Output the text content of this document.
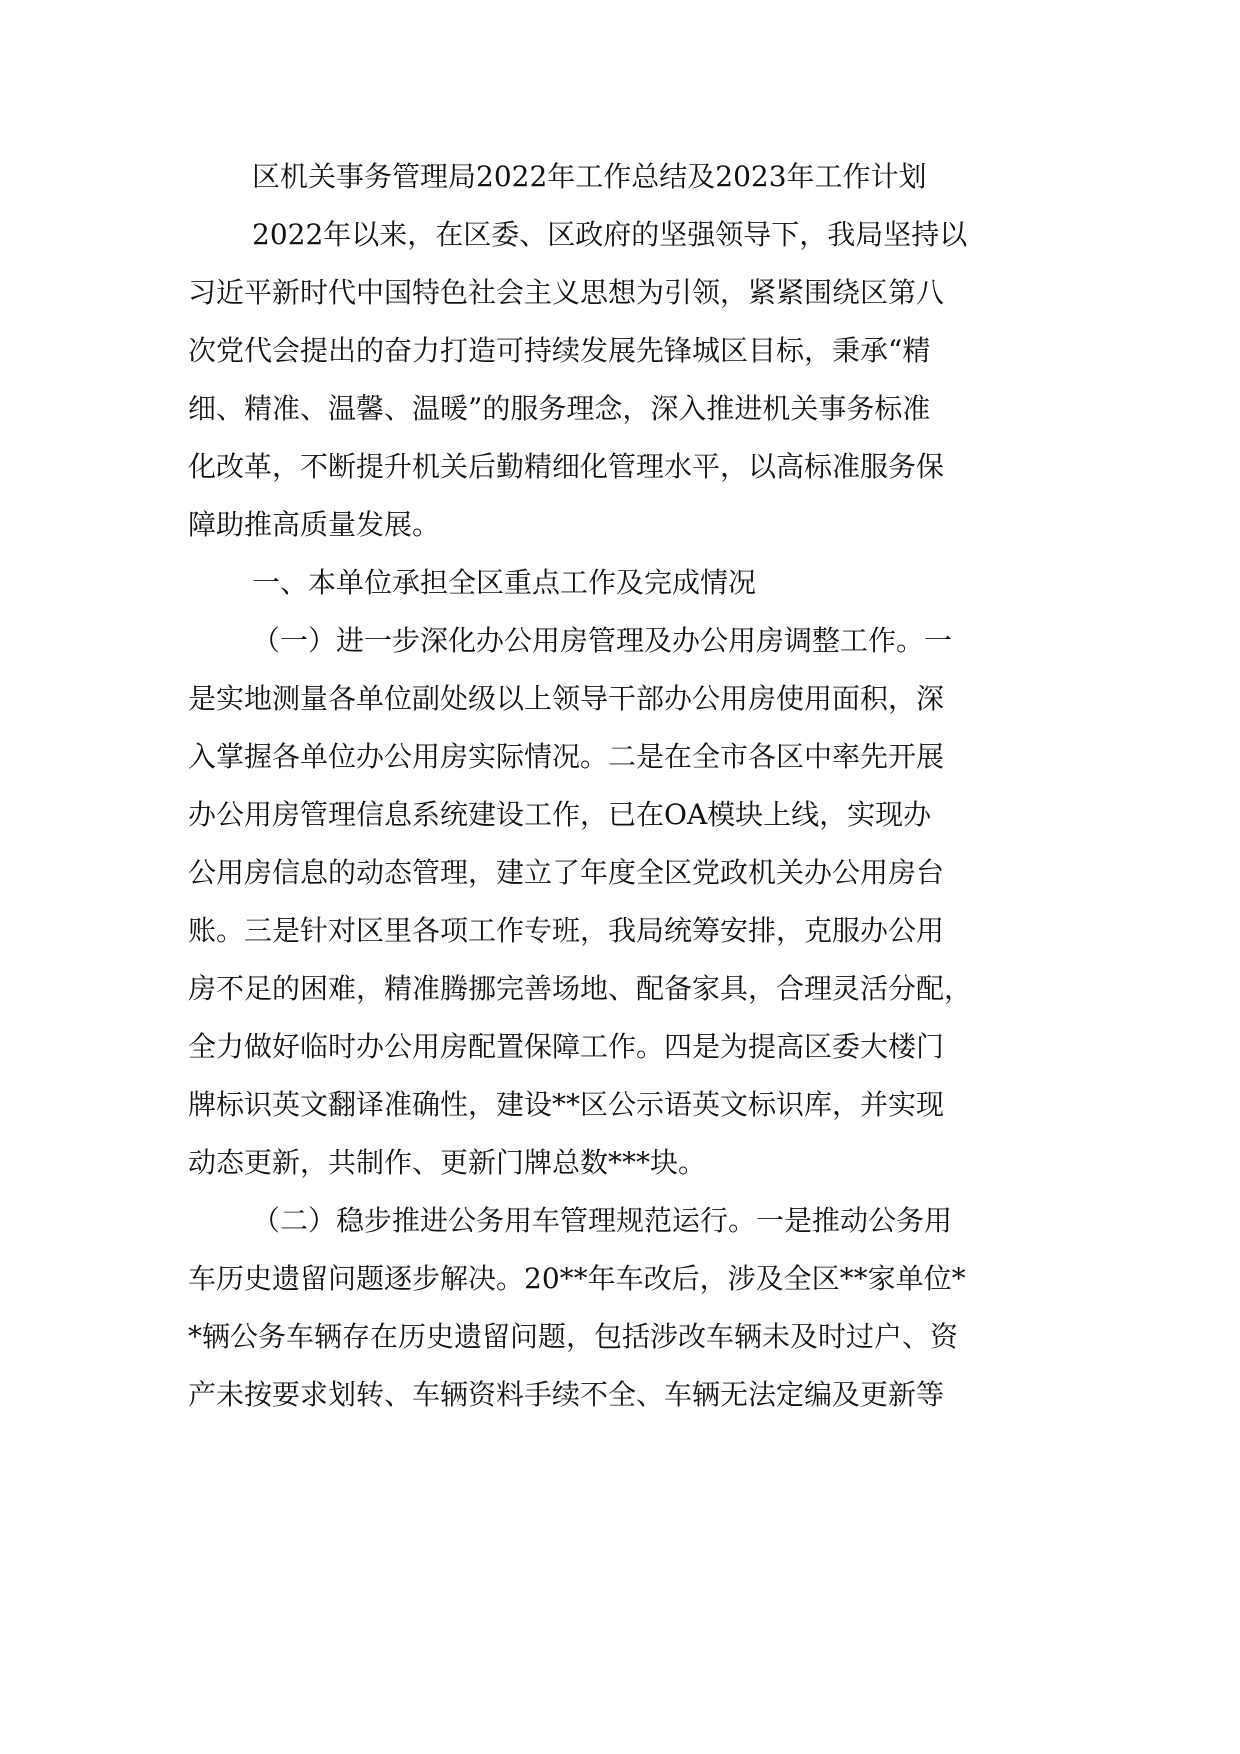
区机关事务管理局2022年工作总结及2023年工作计划
2022年以来，在区委、区政府的坚强领导下，我局坚持以
习近平新时代中国特色社会主义思想为引领，紧紧围绕区第八
次党代会提出的奋力打造可持续发展先锋城区目标，秉承“精
细、精准、温馨、温暖”的服务理念，深入推进机关事务标准
化改革，不断提升机关后勤精细化管理水平，以高标准服务保
障助推高质量发展。
一、本单位承担全区重点工作及完成情况
（一）进一步深化办公用房管理及办公用房调整工作。一
是实地测量各单位副处级以上领导干部办公用房使用面积，深
入掌握各单位办公用房实际情况。二是在全市各区中率先开展
办公用房管理信息系统建设工作，已在OA模块上线，实现办
公用房信息的动态管理，建立了年度全区党政机关办公用房台
账。三是针对区里各项工作专班，我局统筹安排，克服办公用
房不足的困难，精准腾挪完善场地、配备家具，合理灵活分配，
全力做好临时办公用房配置保障工作。四是为提高区委大楼门
牌标识英文翻译准确性，建设**区公示语英文标识库，并实现
动态更新，共制作、更新门牌总数***块。
（二）稳步推进公务用车管理规范运行。一是推动公务用
车历史遗留问题逐步解决。20**年车改后，涉及全区**家单位*
*辆公务车辆存在历史遗留问题，包括涉改车辆未及时过户、资
产未按要求划转、车辆资料手续不全、车辆无法定编及更新等
